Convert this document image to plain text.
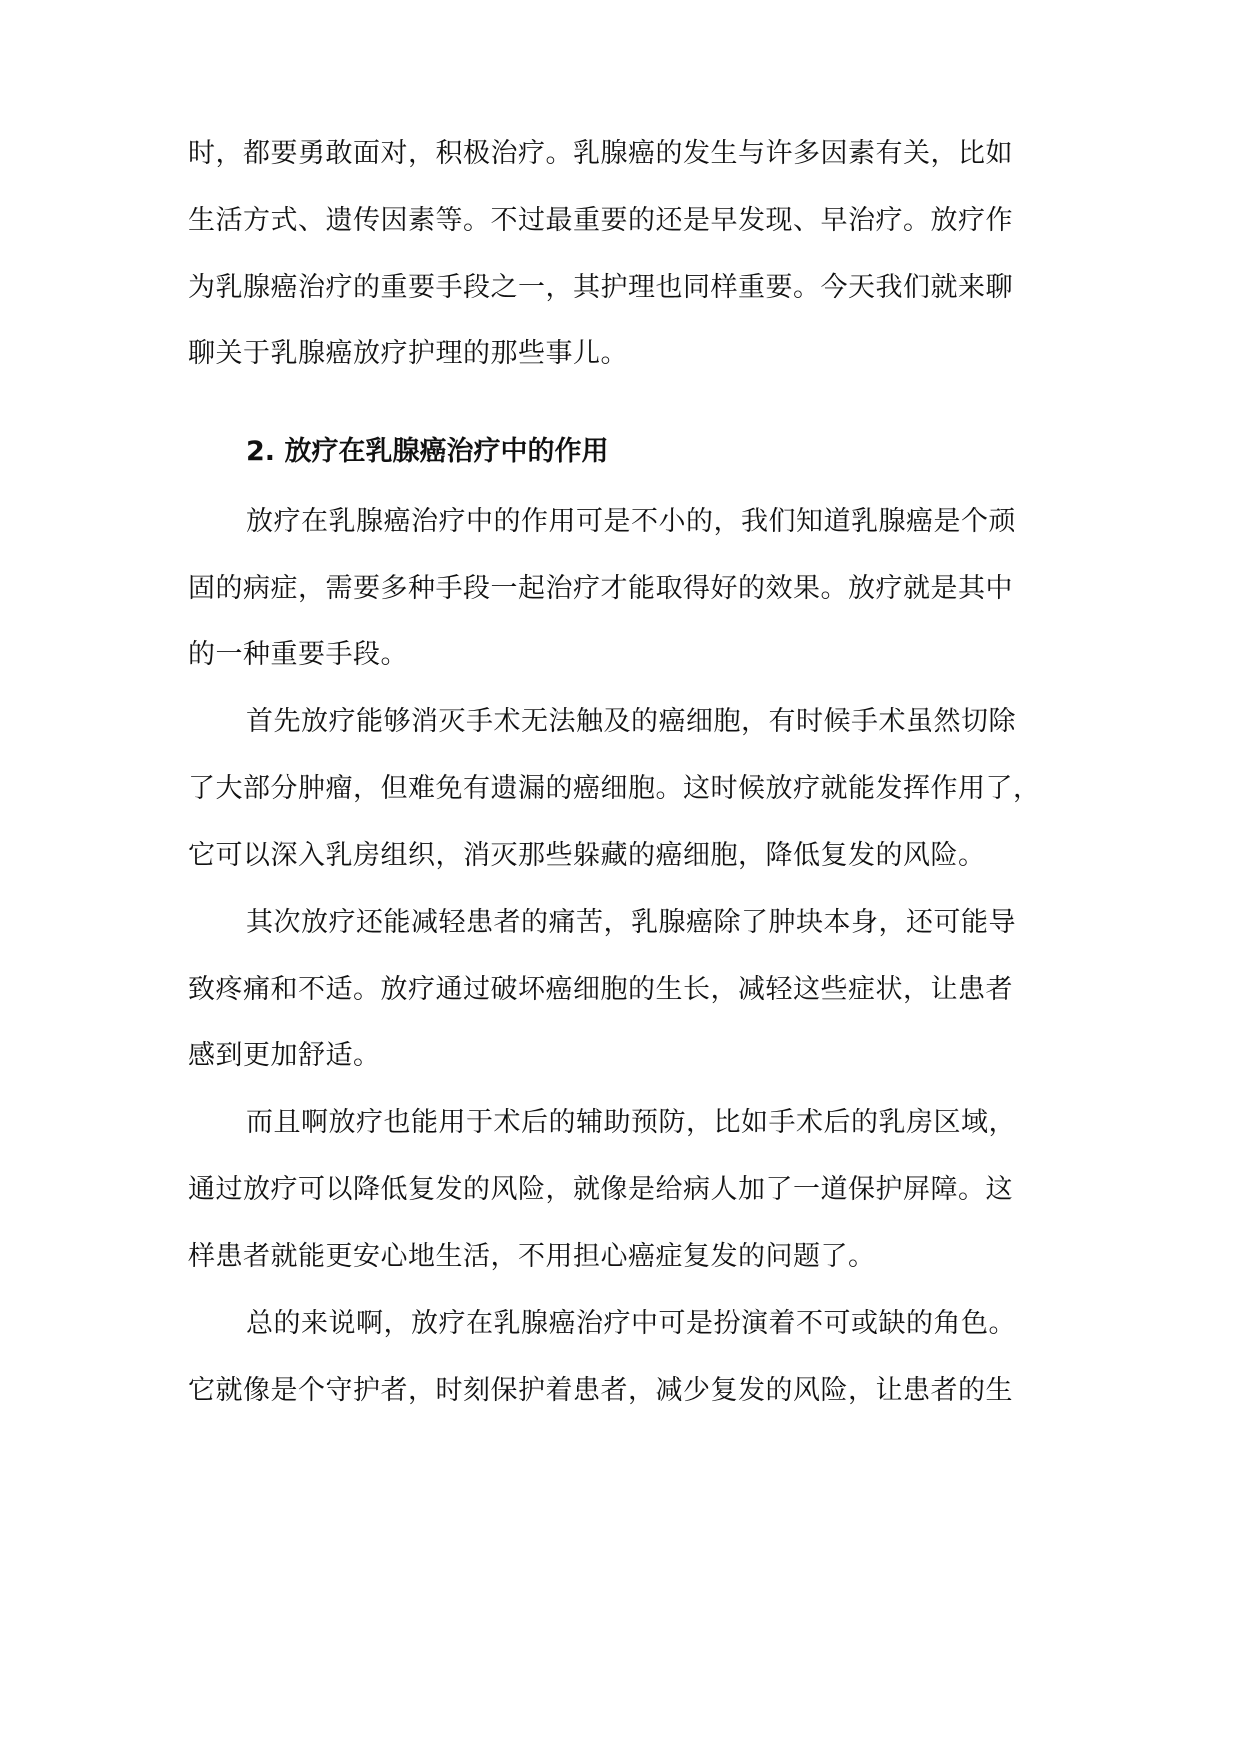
时，都要勇敢面对，积极治疗。乳腺癌的发生与许多因素有关，比如
生活方式、遗传因素等。不过最重要的还是早发现、早治疗。放疗作
为乳腺癌治疗的重要手段之一，其护理也同样重要。今天我们就来聊
聊关于乳腺癌放疗护理的那些事儿。
2. 放疗在乳腺癌治疗中的作用
放疗在乳腺癌治疗中的作用可是不小的，我们知道乳腺癌是个顽
固的病症，需要多种手段一起治疗才能取得好的效果。放疗就是其中
的一种重要手段。
首先放疗能够消灭手术无法触及的癌细胞，有时候手术虽然切除
了大部分肿瘤，但难免有遗漏的癌细胞。这时候放疗就能发挥作用了，
它可以深入乳房组织，消灭那些躲藏的癌细胞，降低复发的风险。
其次放疗还能减轻患者的痛苦，乳腺癌除了肿块本身，还可能导
致疼痛和不适。放疗通过破坏癌细胞的生长，减轻这些症状，让患者
感到更加舒适。
而且啊放疗也能用于术后的辅助预防，比如手术后的乳房区域，
通过放疗可以降低复发的风险，就像是给病人加了一道保护屏障。这
样患者就能更安心地生活，不用担心癌症复发的问题了。
总的来说啊，放疗在乳腺癌治疗中可是扮演着不可或缺的角色。
它就像是个守护者，时刻保护着患者，减少复发的风险，让患者的生
